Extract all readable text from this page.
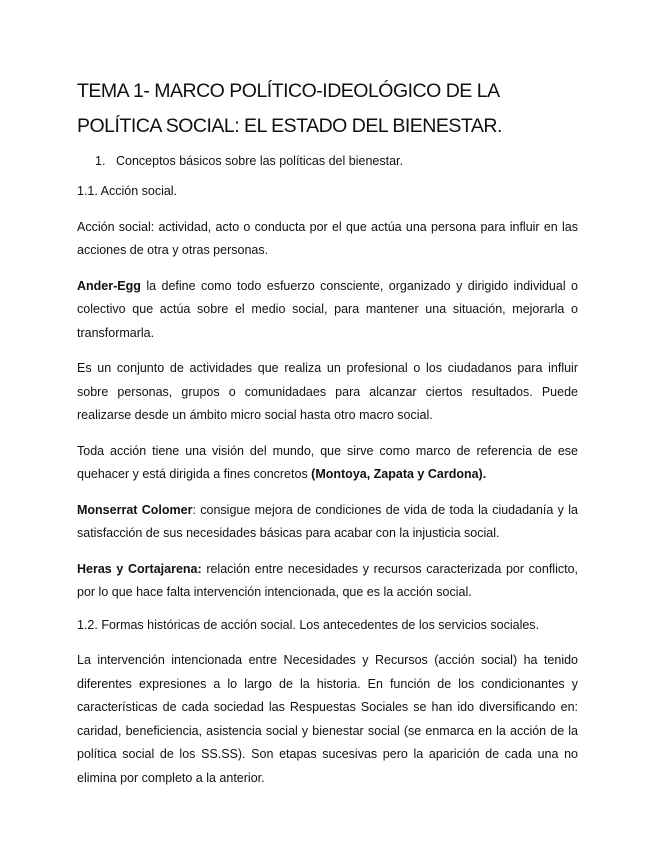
TEMA 1- MARCO POLÍTICO-IDEOLÓGICO DE LA POLÍTICA SOCIAL: EL ESTADO DEL BIENESTAR.
1. Conceptos básicos sobre las políticas del bienestar.

1.1. Acción social.

Acción social: actividad, acto o conducta por el que actúa una persona para influir en las acciones de otra y otras personas.

Ander-Egg la define como todo esfuerzo consciente, organizado y dirigido individual o colectivo que actúa sobre el medio social, para mantener una situación, mejorarla o transformarla.

Es un conjunto de actividades que realiza un profesional o los ciudadanos para influir sobre personas, grupos o comunidadaes para alcanzar ciertos resultados. Puede realizarse desde un ámbito micro social hasta otro macro social.

Toda acción tiene una visión del mundo, que sirve como marco de referencia de ese quehacer y está dirigida a fines concretos (Montoya, Zapata y Cardona).

Monserrat Colomer: consigue mejora de condiciones de vida de toda la ciudadanía y la satisfacción de sus necesidades básicas para acabar con la injusticia social.

Heras y Cortajarena: relación entre necesidades y recursos caracterizada por conflicto, por lo que hace falta intervención intencionada, que es la acción social.

1.2. Formas históricas de acción social. Los antecedentes de los servicios sociales.

La intervención intencionada entre Necesidades y Recursos (acción social) ha tenido diferentes expresiones a lo largo de la historia. En función de los condicionantes y características de cada sociedad las Respuestas Sociales se han ido diversificando en: caridad, beneficiencia, asistencia social y bienestar social (se enmarca en la acción de la política social de los SS.SS). Son etapas sucesivas pero la aparición de cada una no elimina por completo a la anterior.
